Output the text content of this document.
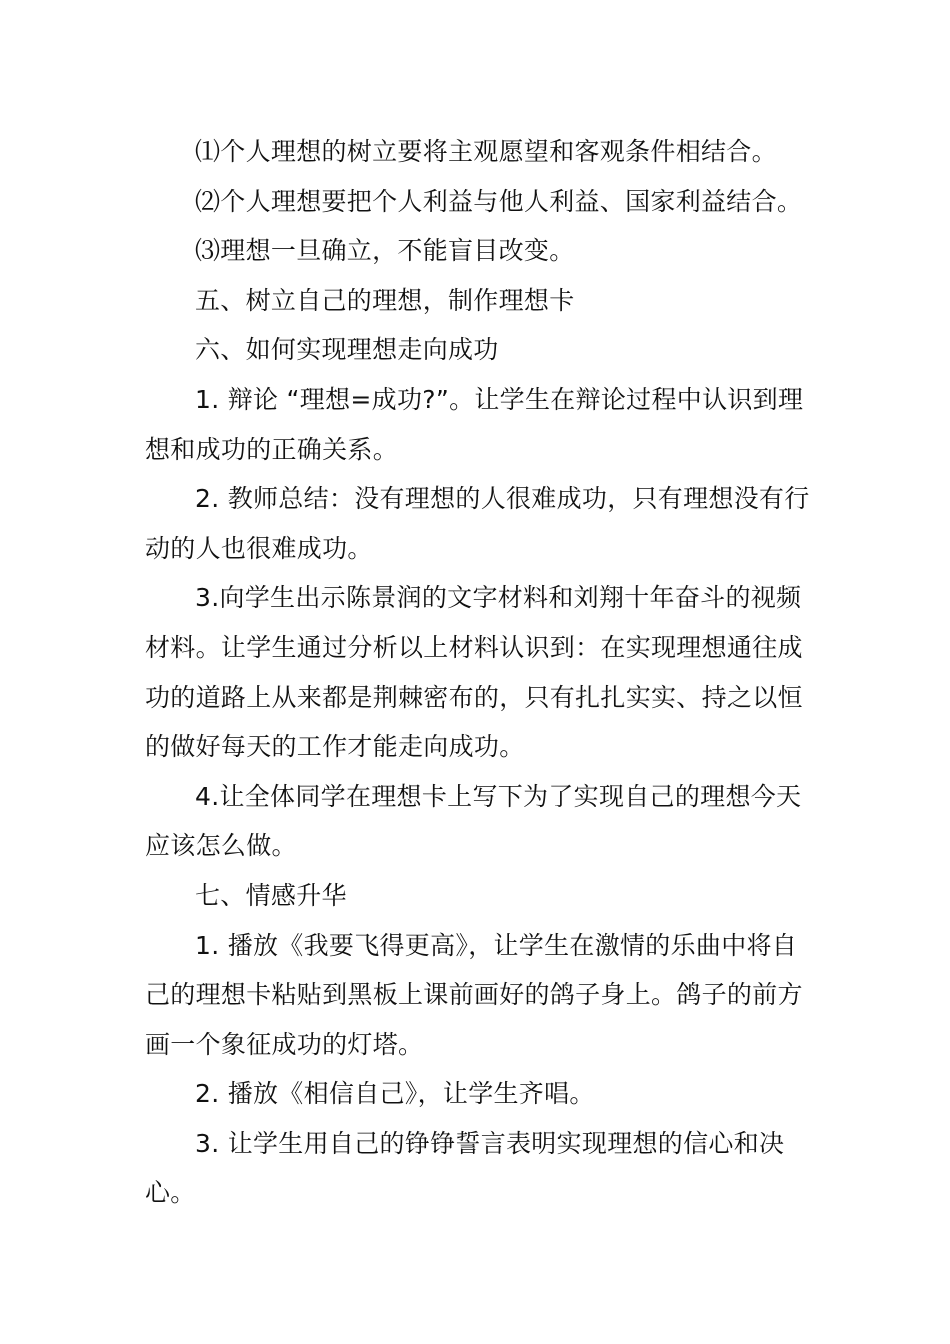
⑴个人理想的树立要将主观愿望和客观条件相结合。

⑵个人理想要把个人利益与他人利益、国家利益结合。

⑶理想一旦确立，不能盲目改变。

五、树立自己的理想，制作理想卡

六、如何实现理想走向成功

1. 辩论 “理想=成功?”。让学生在辩论过程中认识到理想和成功的正确关系。

2. 教师总结：没有理想的人很难成功，只有理想没有行动的人也很难成功。

3.向学生出示陈景润的文字材料和刘翔十年奋斗的视频材料。让学生通过分析以上材料认识到：在实现理想通往成功的道路上从来都是荆棘密布的，只有扎扎实实、持之以恒的做好每天的工作才能走向成功。

4.让全体同学在理想卡上写下为了实现自己的理想今天应该怎么做。

七、情感升华

1. 播放《我要飞得更高》，让学生在激情的乐曲中将自己的理想卡粘贴到黑板上课前画好的鸽子身上。鸽子的前方画一个象征成功的灯塔。

2. 播放《相信自己》，让学生齐唱。

3. 让学生用自己的铮铮誓言表明实现理想的信心和决心。
